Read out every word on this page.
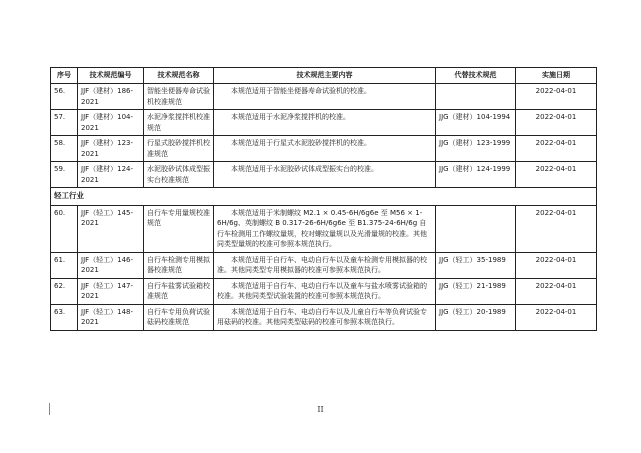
序号	技术规范编号	技术规范名称	技术规范主要内容	代替技术规范	实施日期
56.	JJF（建材）186-2021	智能坐便器寿命试验机校准规范	本规范适用于智能坐便器寿命试验机的校准。		2022-04-01
57.	JJF（建材）104-2021	水泥净浆搅拌机校准规范	本规范适用于水泥净浆搅拌机的校准。	JJG（建材）104-1994	2022-04-01
58.	JJF（建材）123-2021	行星式胶砂搅拌机校准规范	本规范适用于行星式水泥胶砂搅拌机的校准。	JJG（建材）123-1999	2022-04-01
59.	JJF（建材）124-2021	水泥胶砂试体成型振实台校准规范	本规范适用于水泥胶砂试体成型振实台的校准。	JJG（建材）124-1999	2022-04-01
轻工行业					
60.	JJF（轻工）145-2021	自行车专用量规校准规范	本规范适用于米制螺纹 M2.1 × 0.45-6H/6g6e 至 M56 × 1-6H/6g、英制螺纹 B 0.317-26-6H/6g6e 至 B1.375-24-6H/6g 自行车检测用工作螺纹量规，校对螺纹量规以及光滑量规的校准。其他同类型量规的校准可参照本规范执行。		2022-04-01
61.	JJF（轻工）146-2021	自行车检测专用模拟器校准规范	本规范适用于自行车、电动自行车以及童车检测专用模拟器的校准。其他同类型专用模拟器的校准可参照本规范执行。	JJG（轻工）35-1989	2022-04-01
62.	JJF（轻工）147-2021	自行车盐雾试验箱校准规范	本规范适用于自行车、电动自行车以及童车与盐水喷雾试验箱的校准。其他同类型试验装置的校准可参照本规范执行。	JJG（轻工）21-1989	2022-04-01
63.	JJF（轻工）148-2021	自行车专用负荷试验砝码校准规范	本规范适用于自行车、电动自行车以及儿童自行车等负荷试验专用砝码的校准。其他同类型砝码的校准可参照本规范执行。	JJG（轻工）20-1989	2022-04-01
II
